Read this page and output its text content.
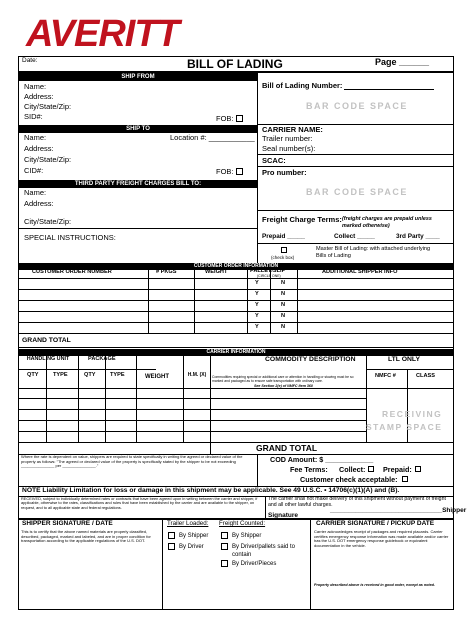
AVERITT
Date:	BILL OF LADING	Page ______
SHIP FROM
Name:
Address:
City/State/Zip:
SID#:	FOB:
Bill of Lading Number:
BAR CODE SPACE
SHIP TO
Name:	Location #: ___________
Address:
City/State/Zip:
CID#:	FOB:
CARRIER NAME:
Trailer number:
Seal number(s):
SCAC:
Pro number:
BAR CODE SPACE
THIRD PARTY FREIGHT CHARGES BILL TO:
Name:
Address:
City/State/Zip:
SPECIAL INSTRUCTIONS:
Freight Charge Terms: (freight charges are prepaid unless marked otherwise)
Prepaid _____	Collect _____	3rd Party ____
(check box)
Master Bill of Lading: with attached underlying Bills of Lading
CUSTOMER ORDER INFORMATION
CUSTOMER ORDER NUMBER	# PKGS	WEIGHT	PALLET/SLIP
(CIRCLE ONE)
ADDITIONAL SHIPPER INFO
Y	N
Y	N
Y	N
Y	N
Y	N
GRAND TOTAL
CARRIER INFORMATION
HANDLING UNIT	PACKAGE
QTY	TYPE	QTY	TYPE	WEIGHT	H.M. (X)
COMMODITY DESCRIPTION
Commodities requiring special or additional care or attention in handling or stowing must be so marked and packaged as to ensure safe transportation with ordinary care.
See Section 2(e) of NMFC Item 360
LTL ONLY
NMFC #	CLASS
RECEIVING
STAMP SPACE
GRAND TOTAL
Where the rate is dependent on value, shippers are required to state specifically in writing the agreed or declared value of the property as follows: "The agreed or declared value of the property is specifically stated by the shipper to be not exceeding _______________ per _______________."
COD Amount: $ ____________
Fee Terms: Collect: Prepaid:
Customer check acceptable:
NOTE Liability Limitation for loss or damage in this shipment may be applicable. See 49 U.S.C. • 14706(c)(1)(A) and (B).
RECEIVED, subject to individually determined rates or contracts that have been agreed upon in writing between the carrier and shipper, if applicable, otherwise to the rates, classifications and rules that have been established by the carrier and are available to the shipper, on request, and to all applicable state and federal regulations.
The carrier shall not make delivery of this shipment without payment of freight and all other lawful charges.
_______________________________Shipper
Signature
SHIPPER SIGNATURE / DATE
This is to certify that the above named materials are properly classified, described, packaged, marked and labeled, and are in proper condition for transportation according to the applicable regulations of the U.S. DOT.
Trailer Loaded:
By Shipper
By Driver
Freight Counted:
By Shipper
By Driver/pallets said to contain
By Driver/Pieces
CARRIER SIGNATURE / PICKUP DATE
Carrier acknowledges receipt of packages and required placards. Carrier certifies emergency response information was made available and/or carrier has the U.S. DOT emergency response guidebook or equivalent documentation in the vehicle.
Property described above is received in good order, except as noted.
